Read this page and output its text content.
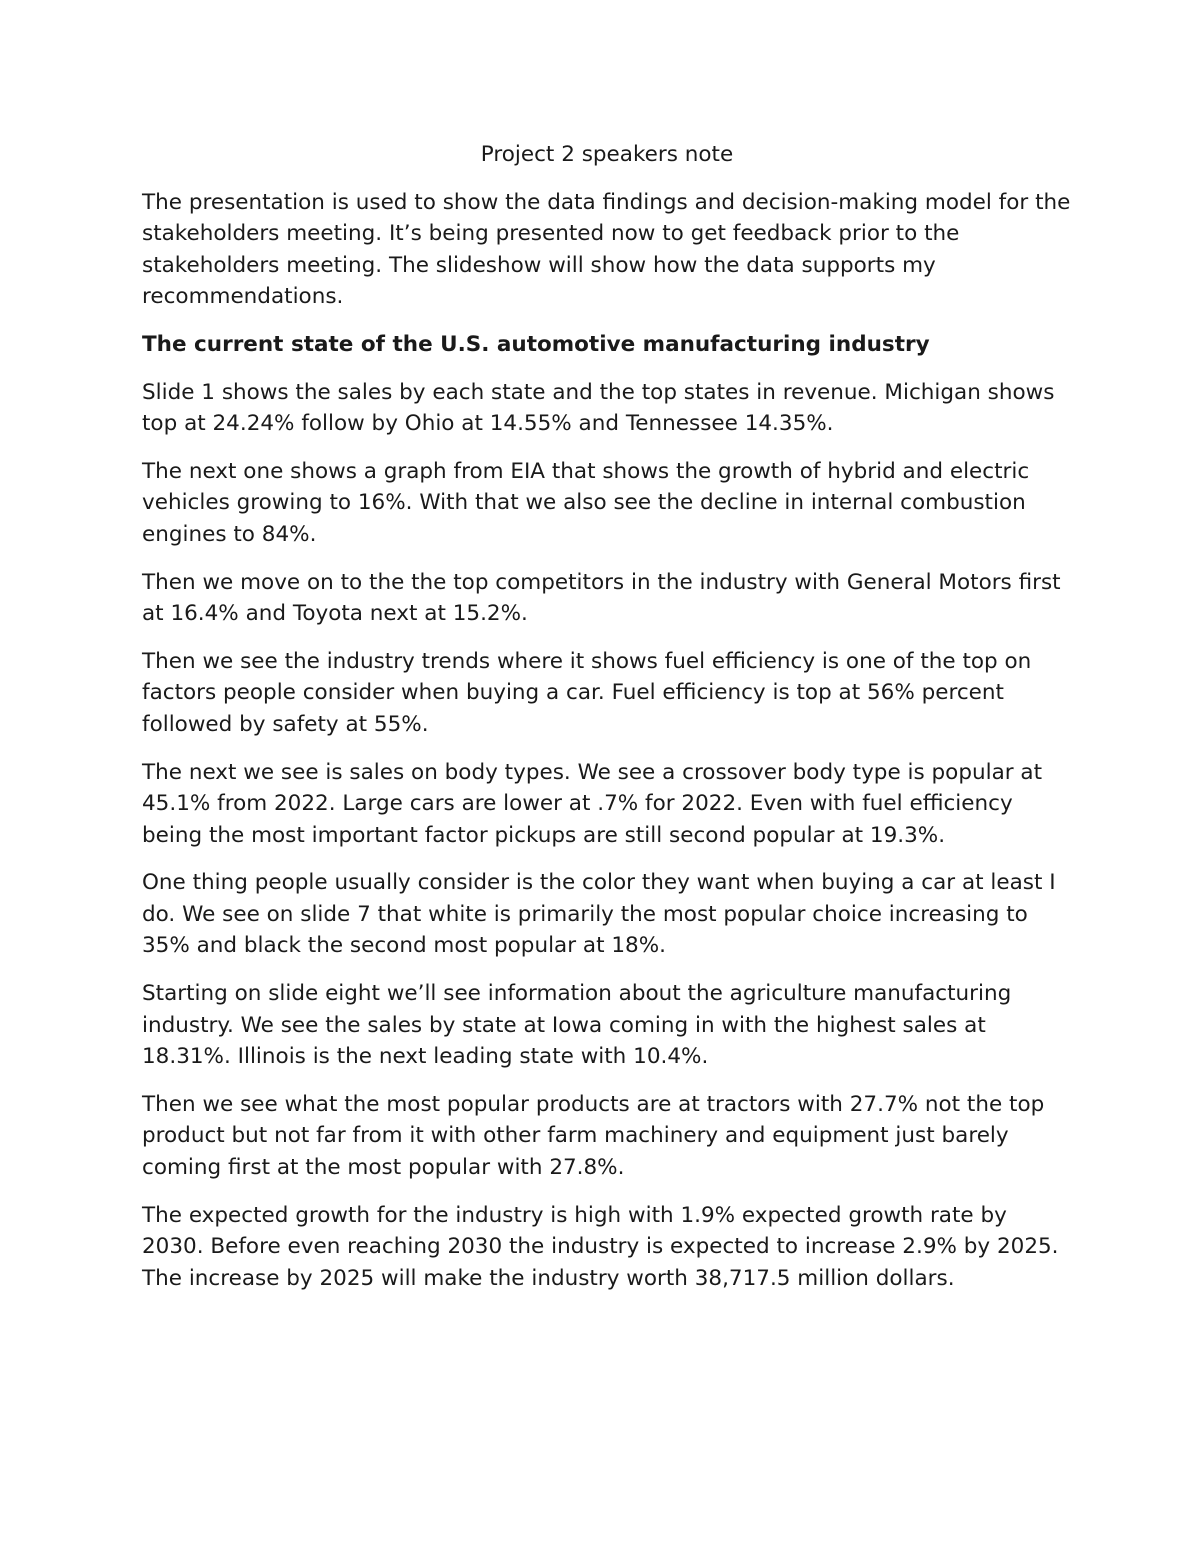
Project 2 speakers note

The presentation is used to show the data findings and decision-making model for the stakeholders meeting. It’s being presented now to get feedback prior to the stakeholders meeting. The slideshow will show how the data supports my recommendations.

The current state of the U.S. automotive manufacturing industry

Slide 1 shows the sales by each state and the top states in revenue. Michigan shows top at 24.24% follow by Ohio at 14.55% and Tennessee 14.35%.

The next one shows a graph from EIA that shows the growth of hybrid and electric vehicles growing to 16%. With that we also see the decline in internal combustion engines to 84%.

Then we move on to the the top competitors in the industry with General Motors first at 16.4% and Toyota next at 15.2%.

Then we see the industry trends where it shows fuel efficiency is one of the top on factors people consider when buying a car. Fuel efficiency is top at 56% percent followed by safety at 55%.

The next we see is sales on body types. We see a crossover body type is popular at 45.1% from 2022. Large cars are lower at .7% for 2022. Even with fuel efficiency being the most important factor pickups are still second popular at 19.3%.

One thing people usually consider is the color they want when buying a car at least I do. We see on slide 7 that white is primarily the most popular choice increasing to 35% and black the second most popular at 18%.

Starting on slide eight we’ll see information about the agriculture manufacturing industry. We see the sales by state at Iowa coming in with the highest sales at 18.31%. Illinois is the next leading state with 10.4%.

Then we see what the most popular products are at tractors with 27.7% not the top product but not far from it with other farm machinery and equipment just barely coming first at the most popular with 27.8%.

The expected growth for the industry is high with 1.9% expected growth rate by 2030. Before even reaching 2030 the industry is expected to increase 2.9% by 2025. The increase by 2025 will make the industry worth 38,717.5 million dollars.
